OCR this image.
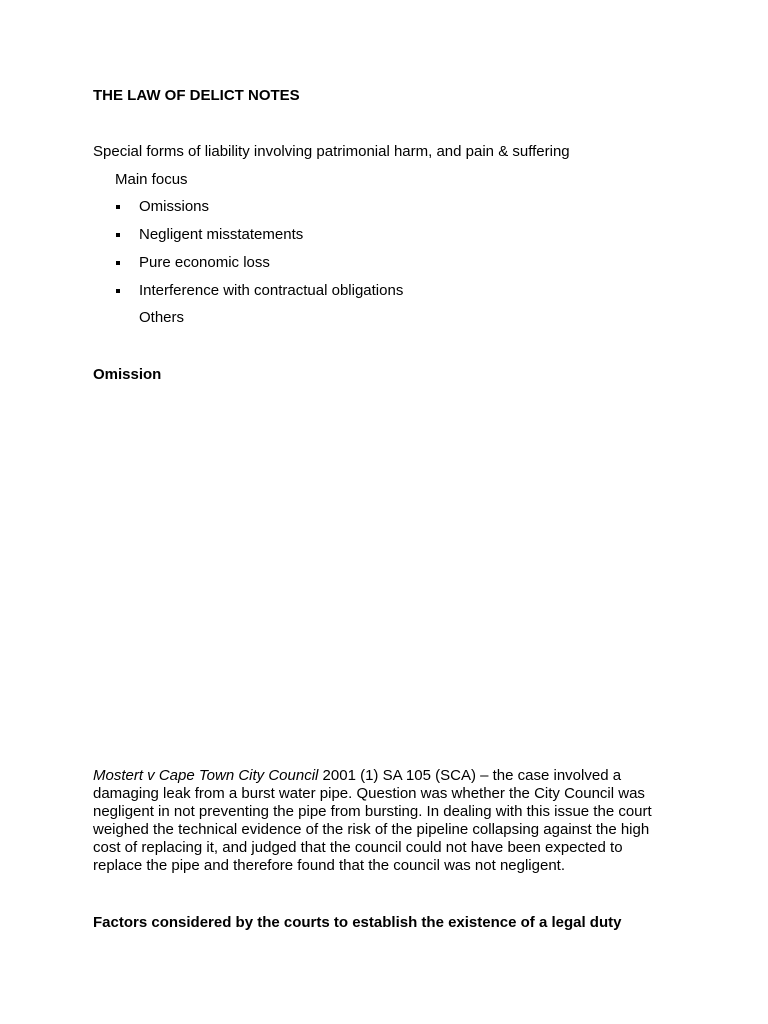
THE LAW OF DELICT NOTES
Special forms of liability involving patrimonial harm, and pain & suffering
Main focus
Omissions
Negligent misstatements
Pure economic loss
Interference with contractual obligations
Others
Omission
Mostert v Cape Town City Council 2001 (1) SA 105 (SCA) – the case involved a
damaging leak from a burst water pipe. Question was whether the City Council was
negligent in not preventing the pipe from bursting. In dealing with this issue the court
weighed the technical evidence of the risk of the pipeline collapsing against the high
cost of replacing it, and judged that the council could not have been expected to
replace the pipe and therefore found that the council was not negligent.
Factors considered by the courts to establish the existence of a legal duty
